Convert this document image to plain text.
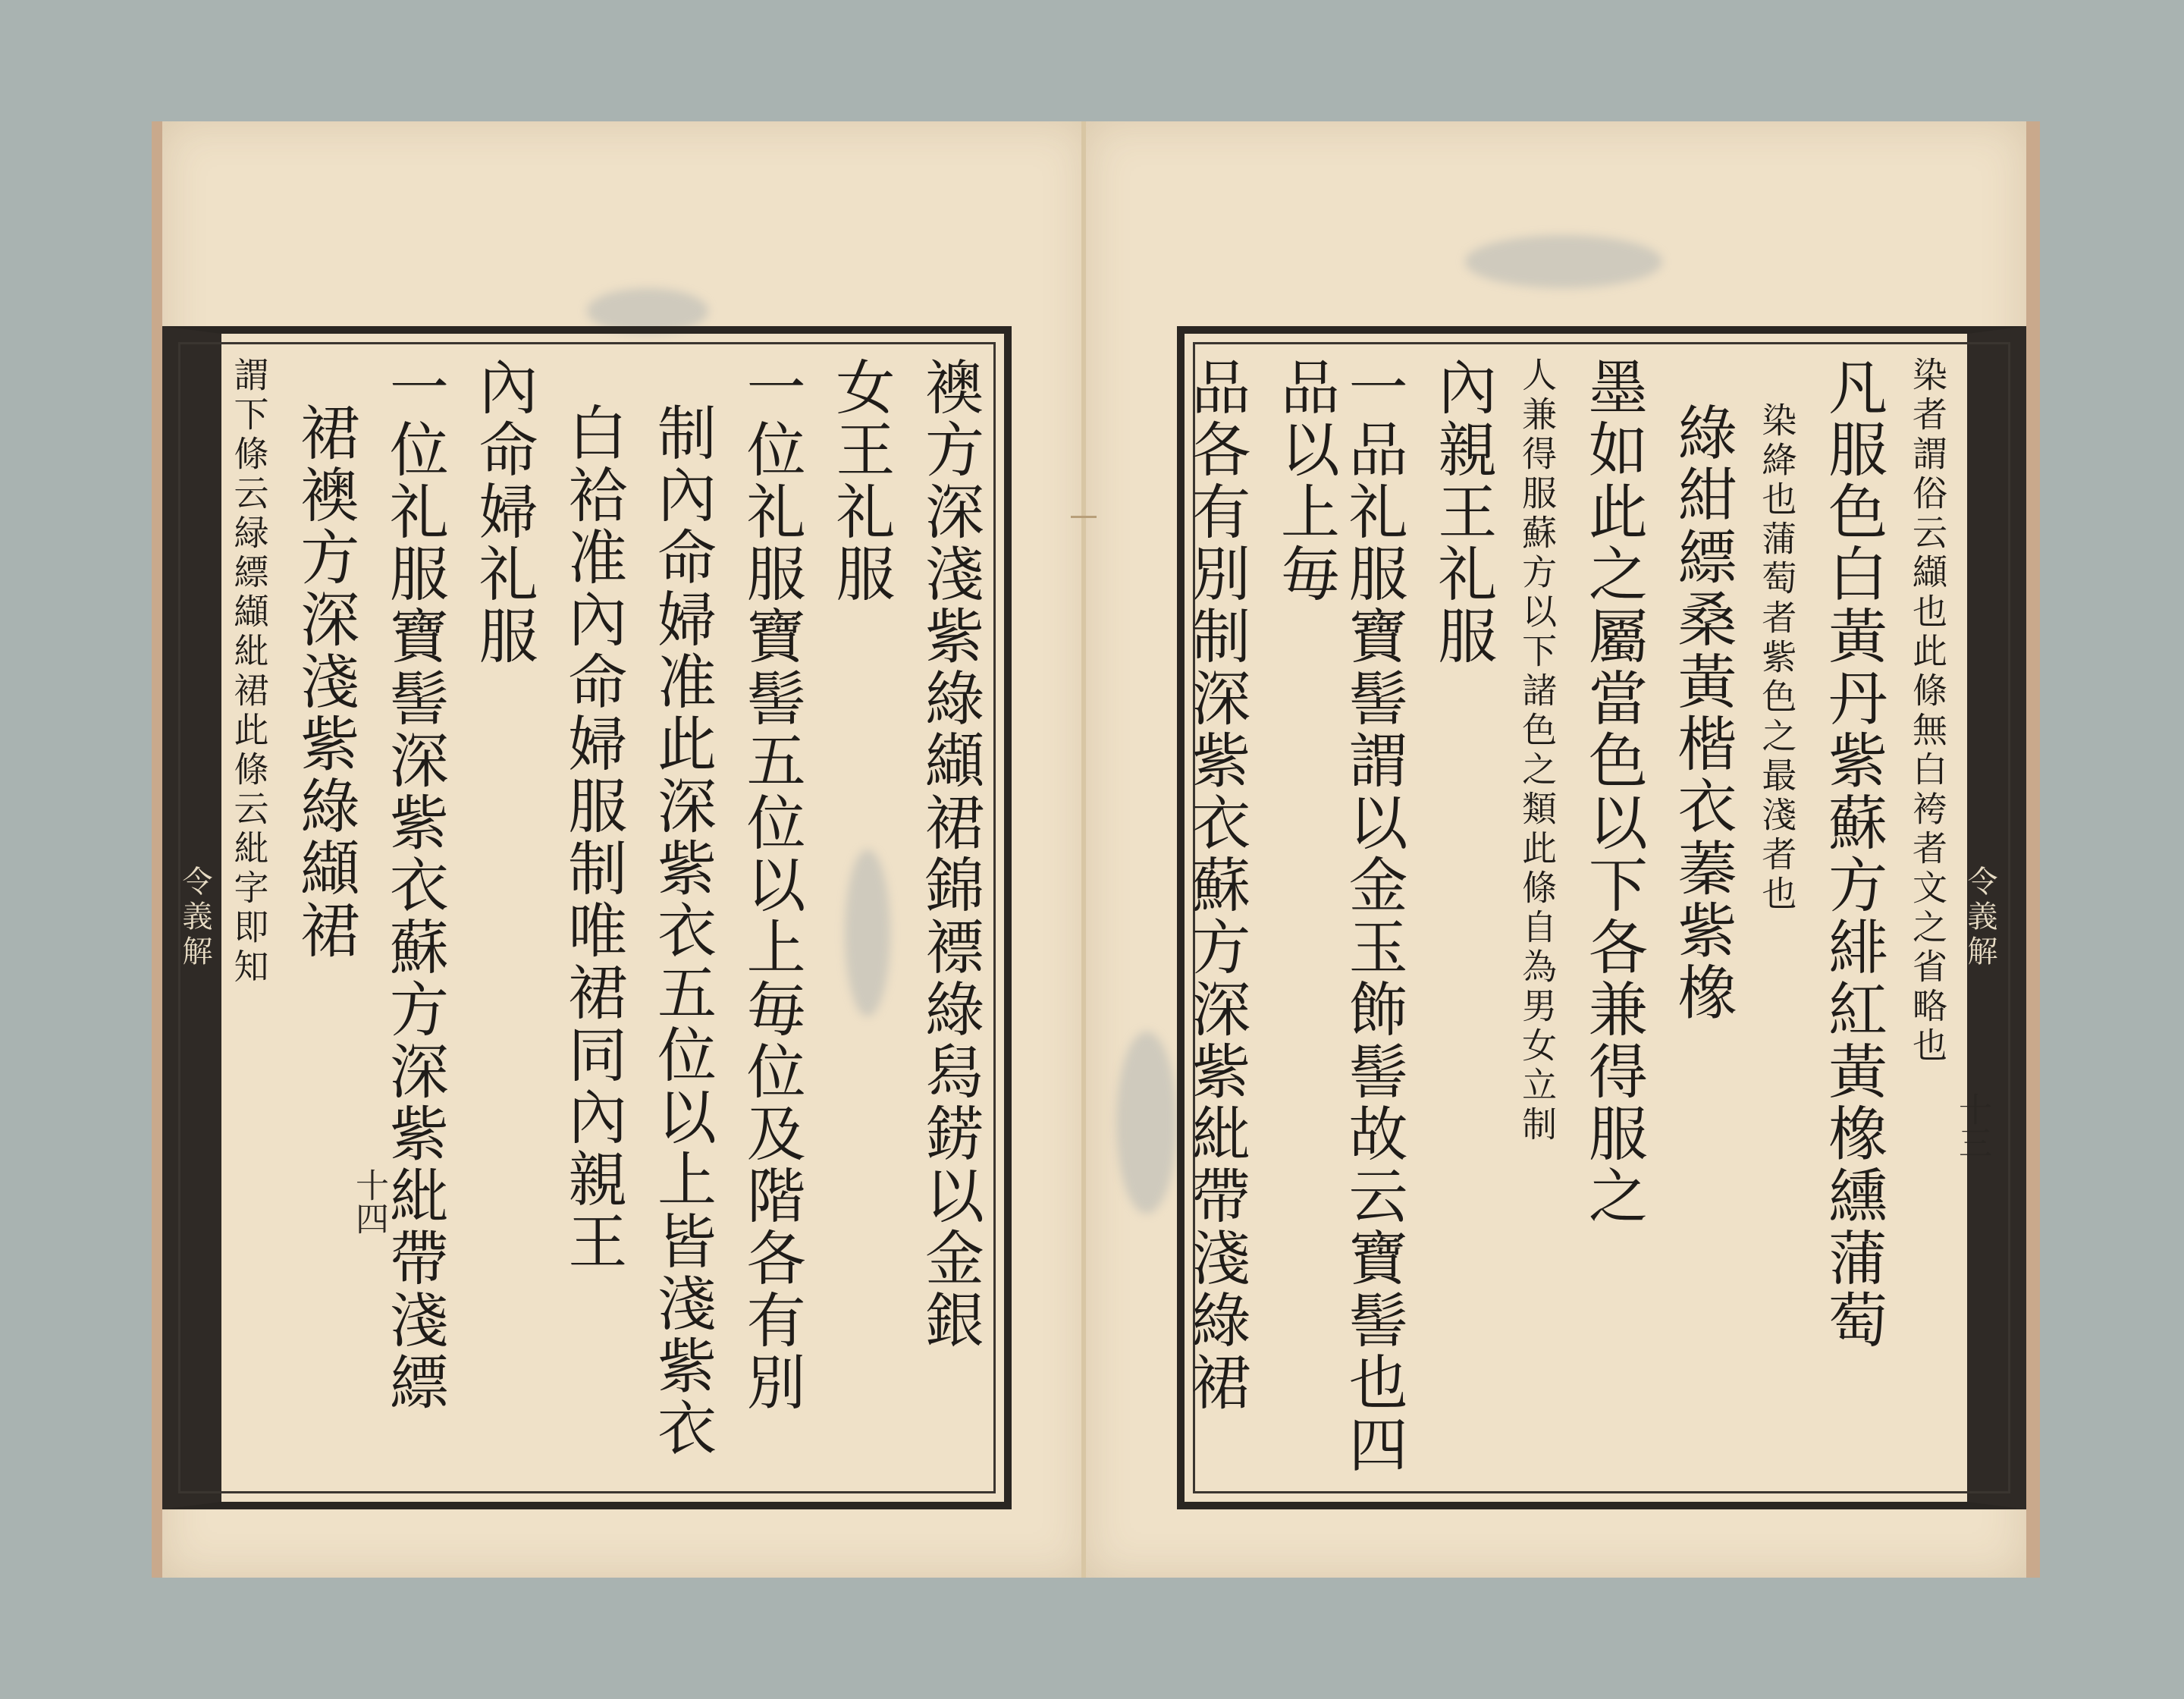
令義解
十四	襖方深淺紫綠纈裙錦褾綠舄錺以金銀

女王礼服

一位礼服寶髻五位以上毎位及階各有別

制內命婦准此深紫衣五位以上皆淺紫衣

白袷准內命婦服制唯裙同內親王

內命婦礼服

一位礼服寶髻深紫衣蘇方深紫紕帶淺縹

裙襖方深淺紫綠纈裙

謂下條云緑縹纈紕裙此條云紕字即知	令義解
十三

染者謂俗云纈也此條無白袴者文之省略也

凡服色白黃丹紫蘇方緋紅黃橡纁蒲萄

染絳也蒲萄者紫色之最淺者也

綠紺縹桑黃楷衣蓁紫橡

墨如此之屬當色以下各兼得服之

人兼得服蘇方以下諸色之類此條自為男女立制

內親王礼服

一品礼服寶髻謂以金玉飾髻故云寶髻也四品以上毎

品各有別制深紫衣蘇方深紫紕帶淺綠裙
